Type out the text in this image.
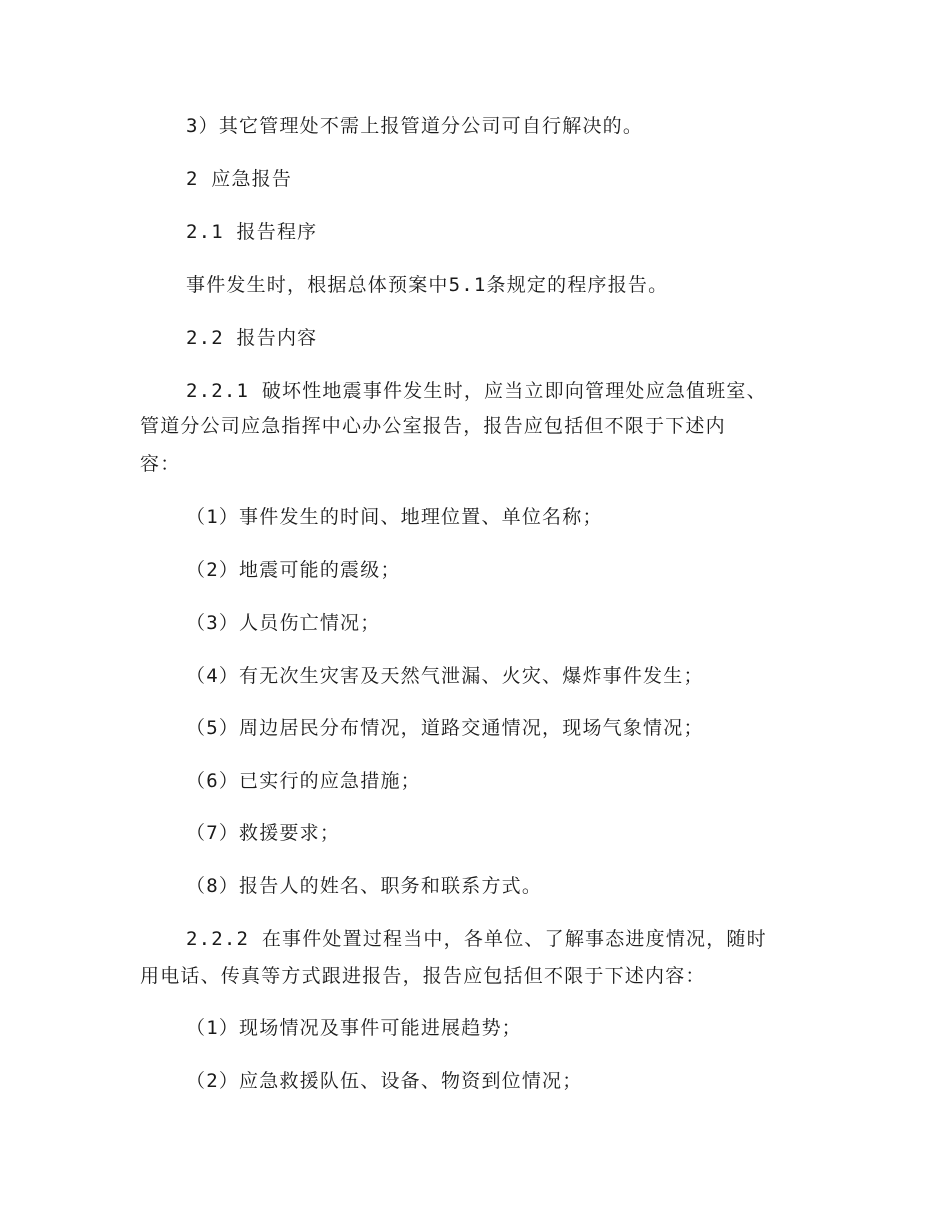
3）其它管理处不需上报管道分公司可自行解决的。
2 应急报告
2.1 报告程序
事件发生时，根据总体预案中5.1条规定的程序报告。
2.2 报告内容
2.2.1 破坏性地震事件发生时，应当立即向管理处应急值班室、
管道分公司应急指挥中心办公室报告，报告应包括但不限于下述内
容：
（1）事件发生的时间、地理位置、单位名称；
（2）地震可能的震级；
（3）人员伤亡情况；
（4）有无次生灾害及天然气泄漏、火灾、爆炸事件发生；
（5）周边居民分布情况，道路交通情况，现场气象情况；
（6）已实行的应急措施；
（7）救援要求；
（8）报告人的姓名、职务和联系方式。
2.2.2 在事件处置过程当中，各单位、了解事态进度情况，随时
用电话、传真等方式跟进报告，报告应包括但不限于下述内容：
（1）现场情况及事件可能进展趋势；
（2）应急救援队伍、设备、物资到位情况；
